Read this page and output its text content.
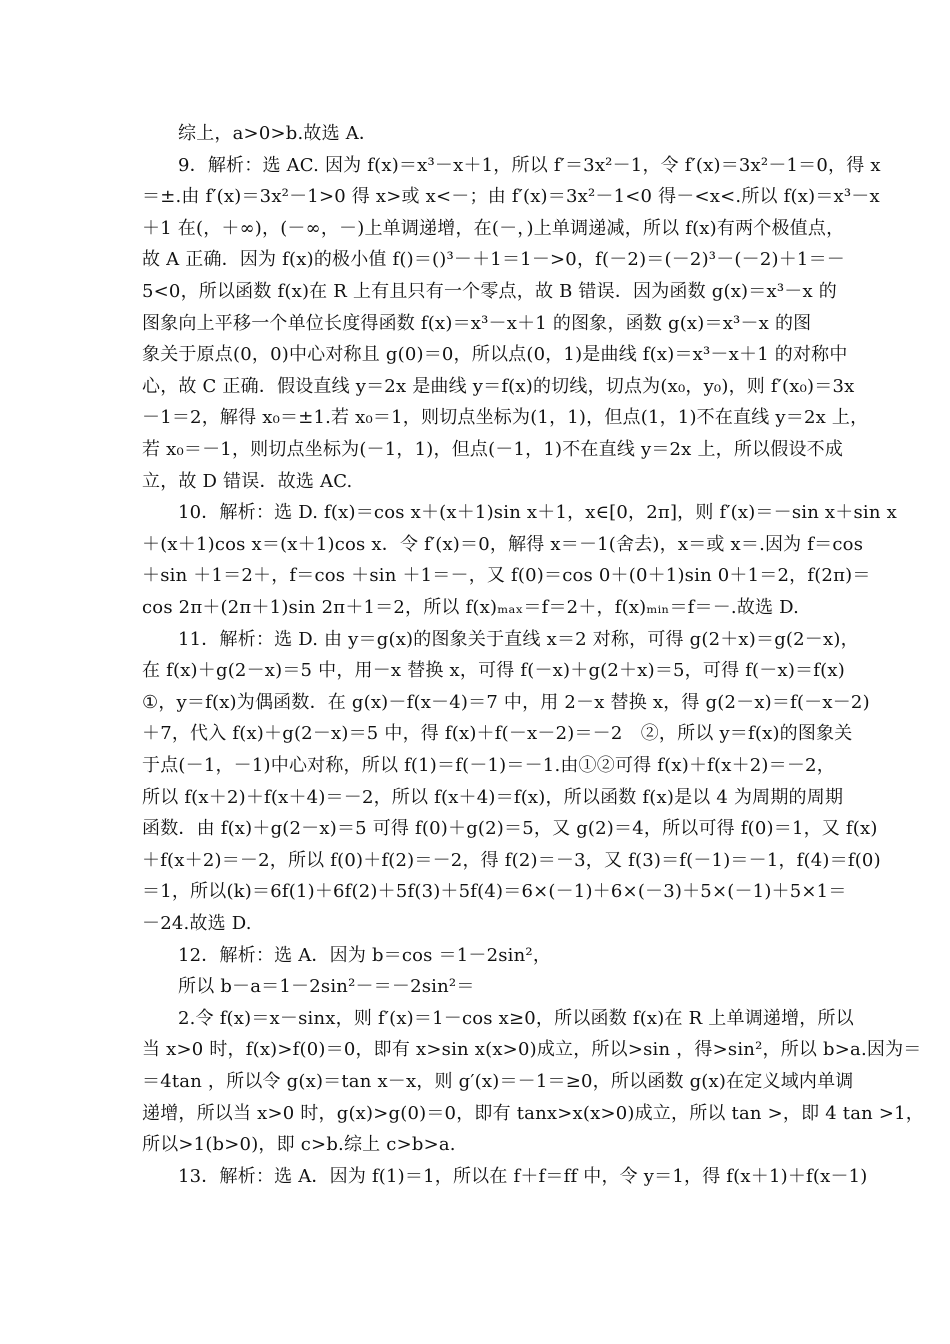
综上，a>0>b.故选 A．
9．解析：选 AC. 因为 f(x)＝x³－x＋1，所以 f′＝3x²－1，令 f′(x)＝3x²－1＝0，得 x
＝±.由 f′(x)＝3x²－1>0 得 x>或 x<－；由 f′(x)＝3x²－1<0 得－<x<.所以 f(x)＝x³－x
＋1 在(，＋∞)，(－∞，－)上单调递增，在(－，)上单调递减，所以 f(x)有两个极值点，
故 A 正确．因为 f(x)的极小值 f()＝()³－＋1＝1－>0，f(－2)＝(－2)³－(－2)＋1＝－
5<0，所以函数 f(x)在 R 上有且只有一个零点，故 B 错误．因为函数 g(x)＝x³－x 的
图象向上平移一个单位长度得函数 f(x)＝x³－x＋1 的图象，函数 g(x)＝x³－x 的图
象关于原点(0，0)中心对称且 g(0)＝0，所以点(0，1)是曲线 f(x)＝x³－x＋1 的对称中
心，故 C 正确．假设直线 y＝2x 是曲线 y＝f(x)的切线，切点为(x₀，y₀)，则 f′(x₀)＝3x
－1＝2，解得 x₀＝±1.若 x₀＝1，则切点坐标为(1，1)，但点(1，1)不在直线 y＝2x 上，
若 x₀＝－1，则切点坐标为(－1，1)，但点(－1，1)不在直线 y＝2x 上，所以假设不成
立，故 D 错误．故选 AC.
10．解析：选 D. f(x)＝cos x＋(x＋1)sin x＋1，x∈[0，2π]，则 f′(x)＝－sin x＋sin x
＋(x＋1)cos x＝(x＋1)cos x．令 f′(x)＝0，解得 x＝－1(舍去)，x＝或 x＝.因为 f＝cos
＋sin ＋1＝2＋，f＝cos ＋sin ＋1＝－，又 f(0)＝cos 0＋(0＋1)sin 0＋1＝2，f(2π)＝
cos 2π＋(2π＋1)sin 2π＋1＝2，所以 f(x)ₘₐₓ＝f＝2＋，f(x)ₘᵢₙ＝f＝－.故选 D.
11．解析：选 D. 由 y＝g(x)的图象关于直线 x＝2 对称，可得 g(2＋x)＝g(2－x)，
在 f(x)＋g(2－x)＝5 中，用－x 替换 x，可得 f(－x)＋g(2＋x)＝5，可得 f(－x)＝f(x)
①，y＝f(x)为偶函数．在 g(x)－f(x－4)＝7 中，用 2－x 替换 x，得 g(2－x)＝f(－x－2)
＋7，代入 f(x)＋g(2－x)＝5 中，得 f(x)＋f(－x－2)＝－2　②，所以 y＝f(x)的图象关
于点(－1，－1)中心对称，所以 f(1)＝f(－1)＝－1.由①②可得 f(x)＋f(x＋2)＝－2，
所以 f(x＋2)＋f(x＋4)＝－2，所以 f(x＋4)＝f(x)，所以函数 f(x)是以 4 为周期的周期
函数．由 f(x)＋g(2－x)＝5 可得 f(0)＋g(2)＝5，又 g(2)＝4，所以可得 f(0)＝1，又 f(x)
＋f(x＋2)＝－2，所以 f(0)＋f(2)＝－2，得 f(2)＝－3，又 f(3)＝f(－1)＝－1，f(4)＝f(0)
＝1，所以(k)＝6f(1)＋6f(2)＋5f(3)＋5f(4)＝6×(－1)＋6×(－3)＋5×(－1)＋5×1＝
－24.故选 D.
12．解析：选 A．因为 b＝cos ＝1－2sin²，
所以 b－a＝1－2sin²－＝－2sin²＝
2.令 f(x)＝x－sinx，则 f′(x)＝1－cos x≥0，所以函数 f(x)在 R 上单调递增，所以
当 x>0 时，f(x)>f(0)＝0，即有 x>sin x(x>0)成立，所以>sin ，得>sin²，所以 b>a.因为＝
＝4tan ，所以令 g(x)＝tan x－x，则 g′(x)＝－1＝≥0，所以函数 g(x)在定义域内单调
递增，所以当 x>0 时，g(x)>g(0)＝0，即有 tanx>x(x>0)成立，所以 tan >，即 4 tan >1，
所以>1(b>0)，即 c>b.综上 c>b>a.
13．解析：选 A．因为 f(1)＝1，所以在 f＋f＝ff 中，令 y＝1，得 f(x＋1)＋f(x－1)
